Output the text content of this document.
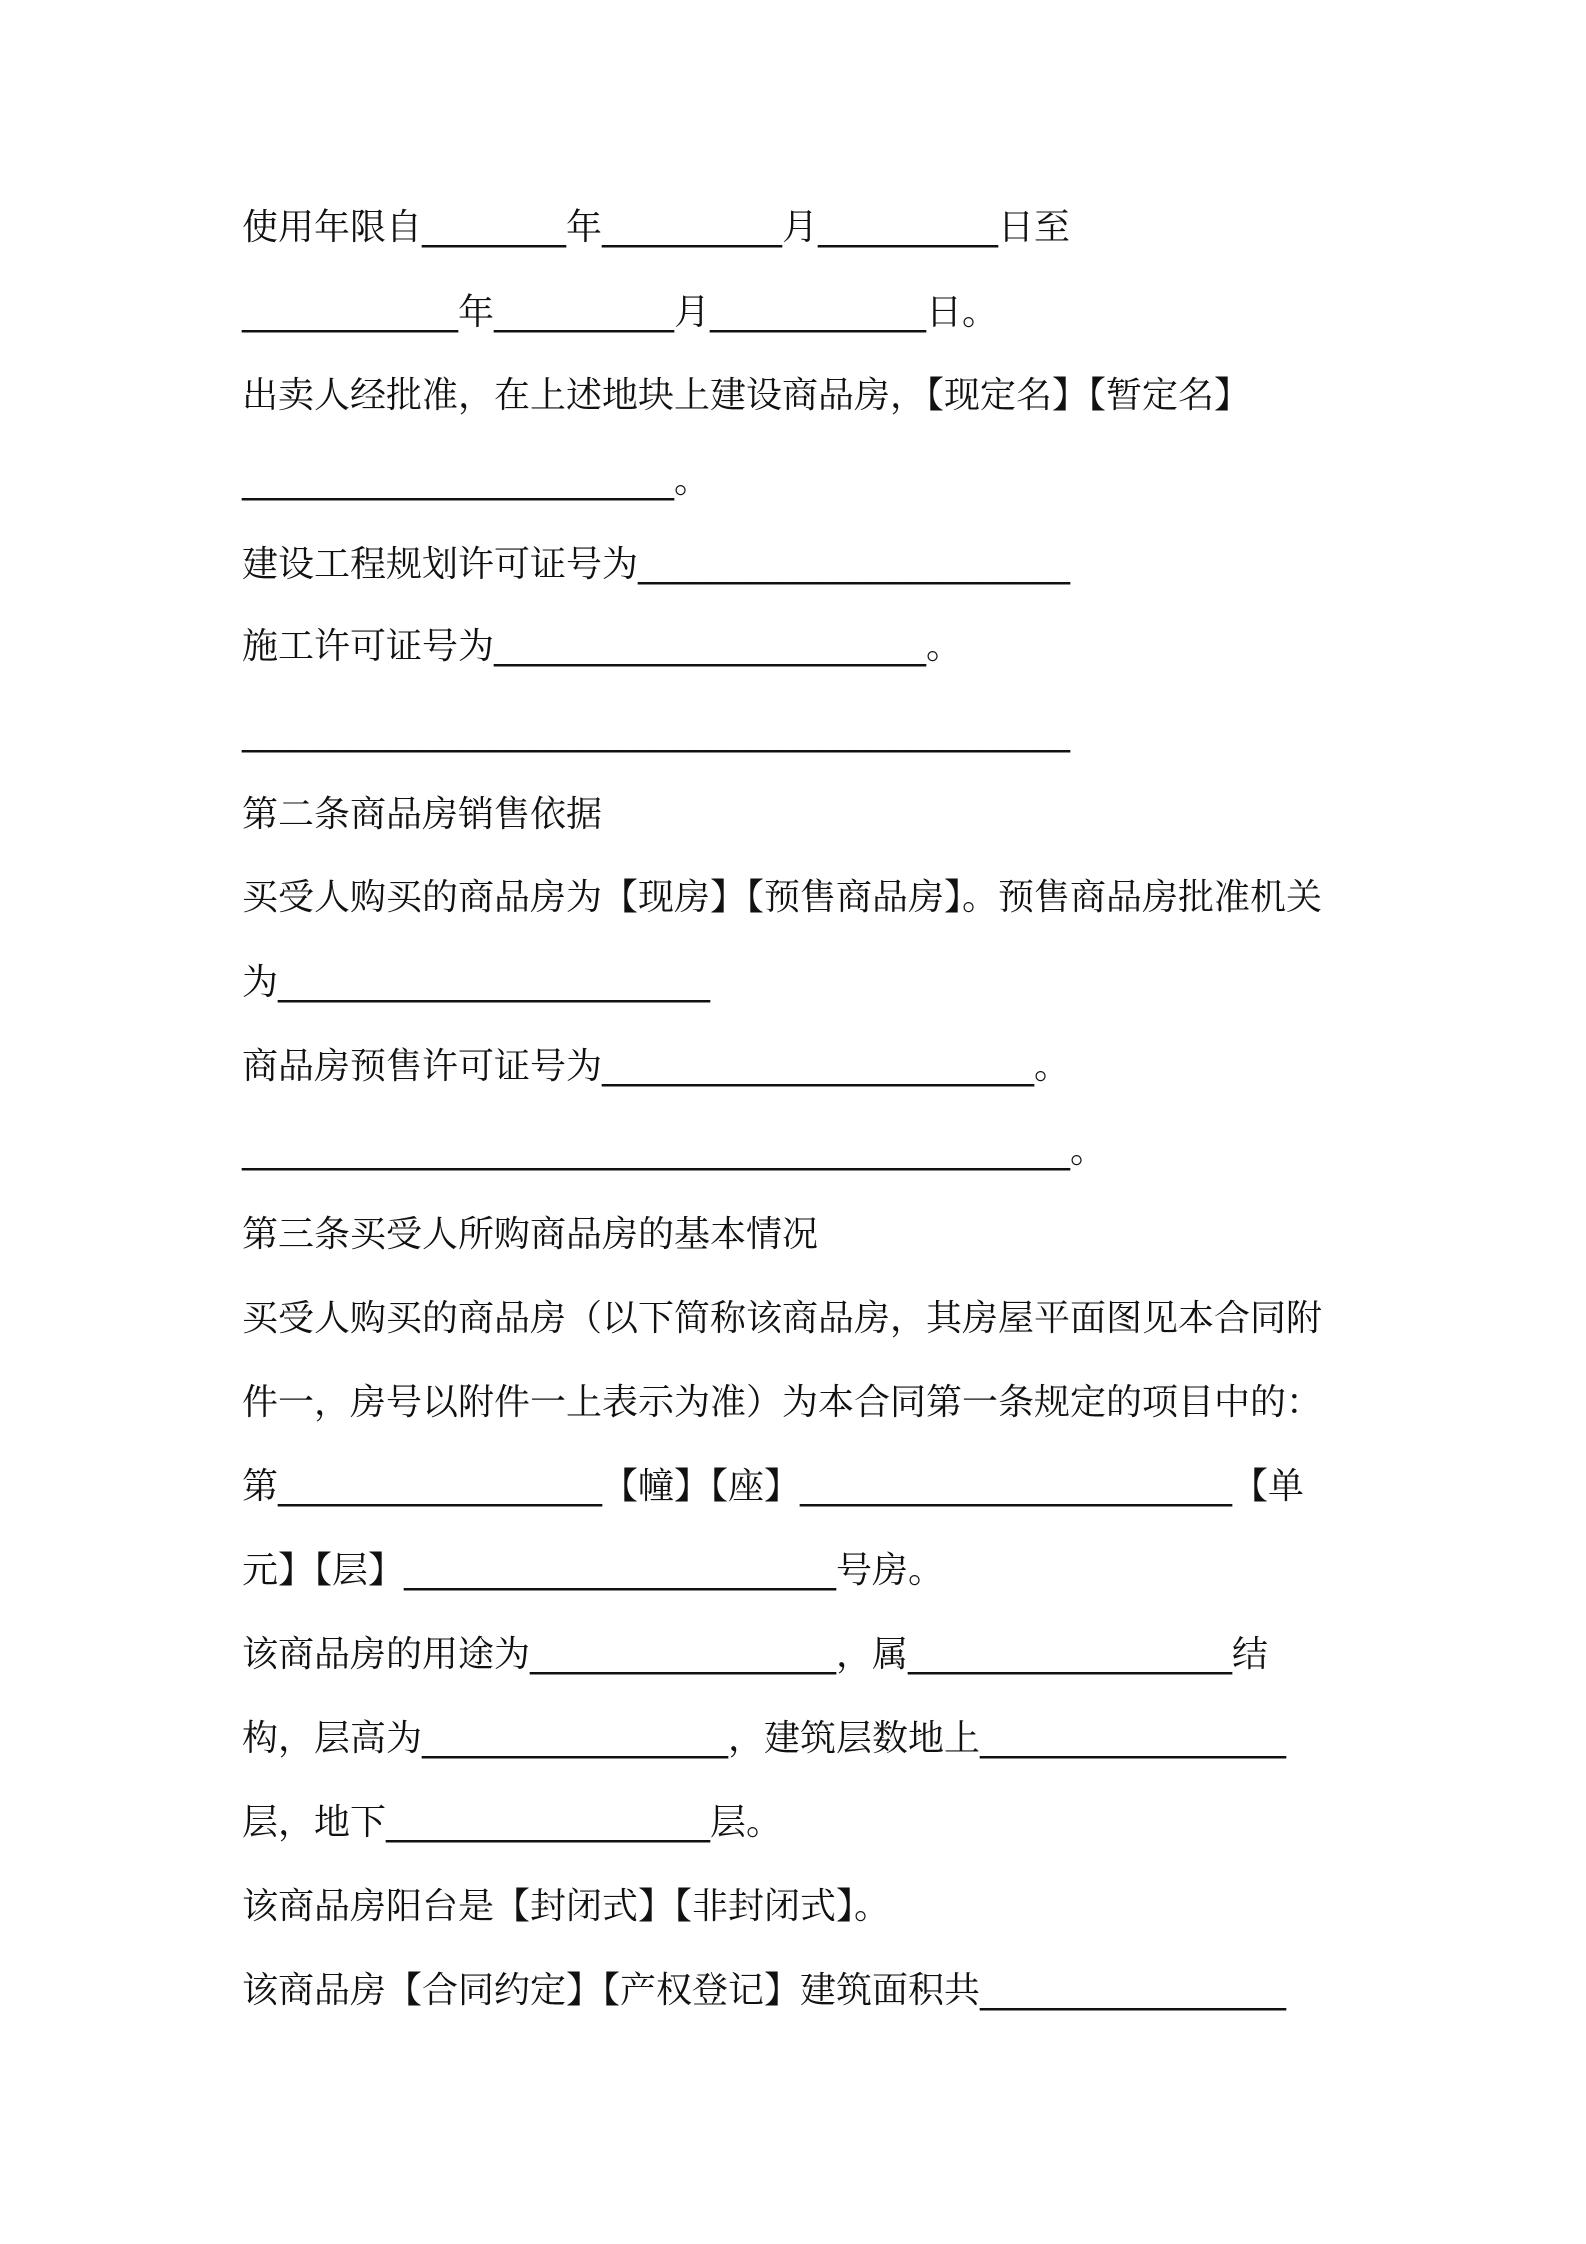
使用年限自________年__________月__________日至
____________年__________月____________日。
出卖人经批准，在上述地块上建设商品房，【现定名】【暂定名】
________________________。
建设工程规划许可证号为________________________
施工许可证号为________________________。
______________________________________________
第二条商品房销售依据
买受人购买的商品房为【现房】【预售商品房】。预售商品房批准机关
为________________________
商品房预售许可证号为________________________。
______________________________________________。
第三条买受人所购商品房的基本情况
买受人购买的商品房（以下简称该商品房，其房屋平面图见本合同附
件一，房号以附件一上表示为准）为本合同第一条规定的项目中的：
第__________________【幢】【座】________________________【单
元】【层】________________________号房。
该商品房的用途为_________________，属__________________结
构，层高为_________________，建筑层数地上_________________
层，地下__________________层。
该商品房阳台是【封闭式】【非封闭式】。
该商品房【合同约定】【产权登记】建筑面积共_________________
